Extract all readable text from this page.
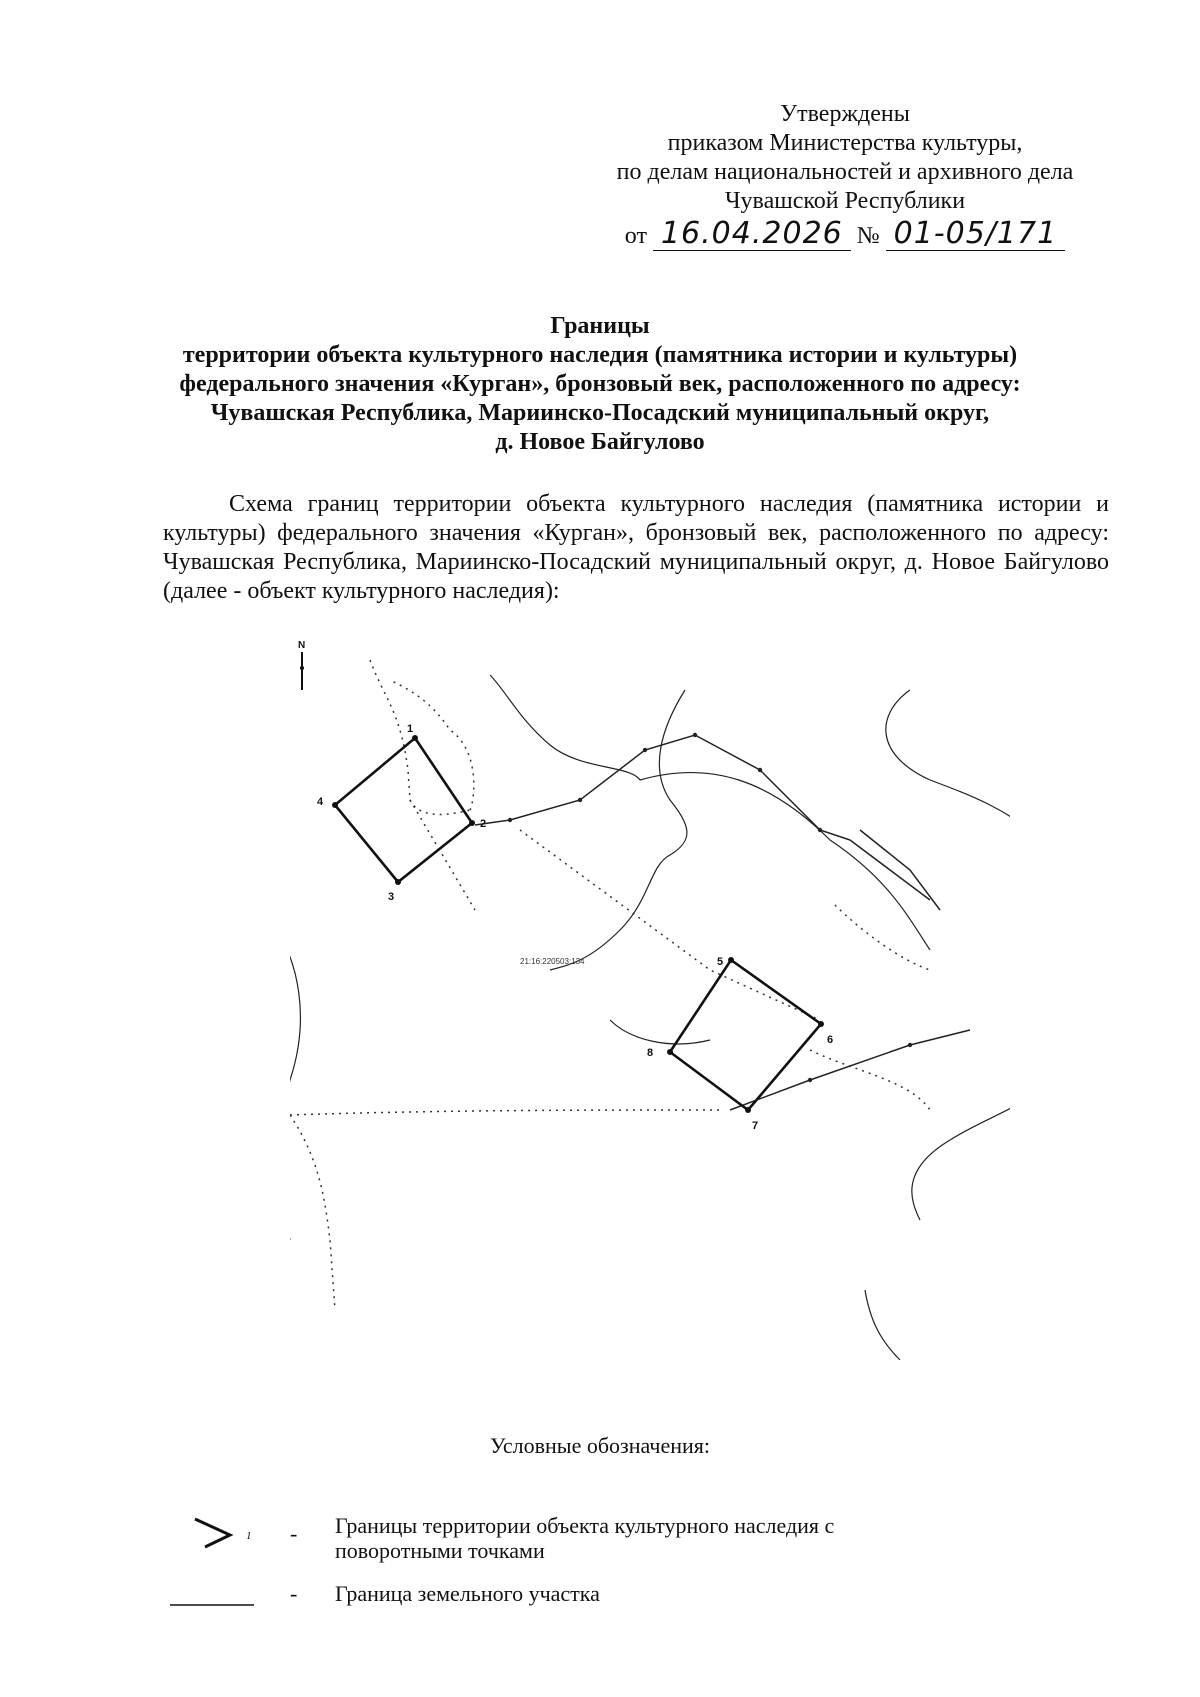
Утверждены
приказом Министерства культуры,
по делам национальностей и архивного дела
Чувашской Республики
от 16.04.2026 № 01-05/171
Границы
территории объекта культурного наследия (памятника истории и культуры)
федерального значения «Курган», бронзовый век, расположенного по адресу:
Чувашская Республика, Мариинско-Посадский муниципальный округ,
д. Новое Байгулово
Схема границ территории объекта культурного наследия (памятника истории и культуры) федерального значения «Курган», бронзовый век, расположенного по адресу: Чувашская Республика, Мариинско-Посадский муниципальный округ, д. Новое Байгулово (далее - объект культурного наследия):
N
1
2
3
4
5
6
7
8
21:16:220503:134
Условные обозначения:
1 - Границы территории объекта культурного наследия с поворотными точками
- Граница земельного участка
